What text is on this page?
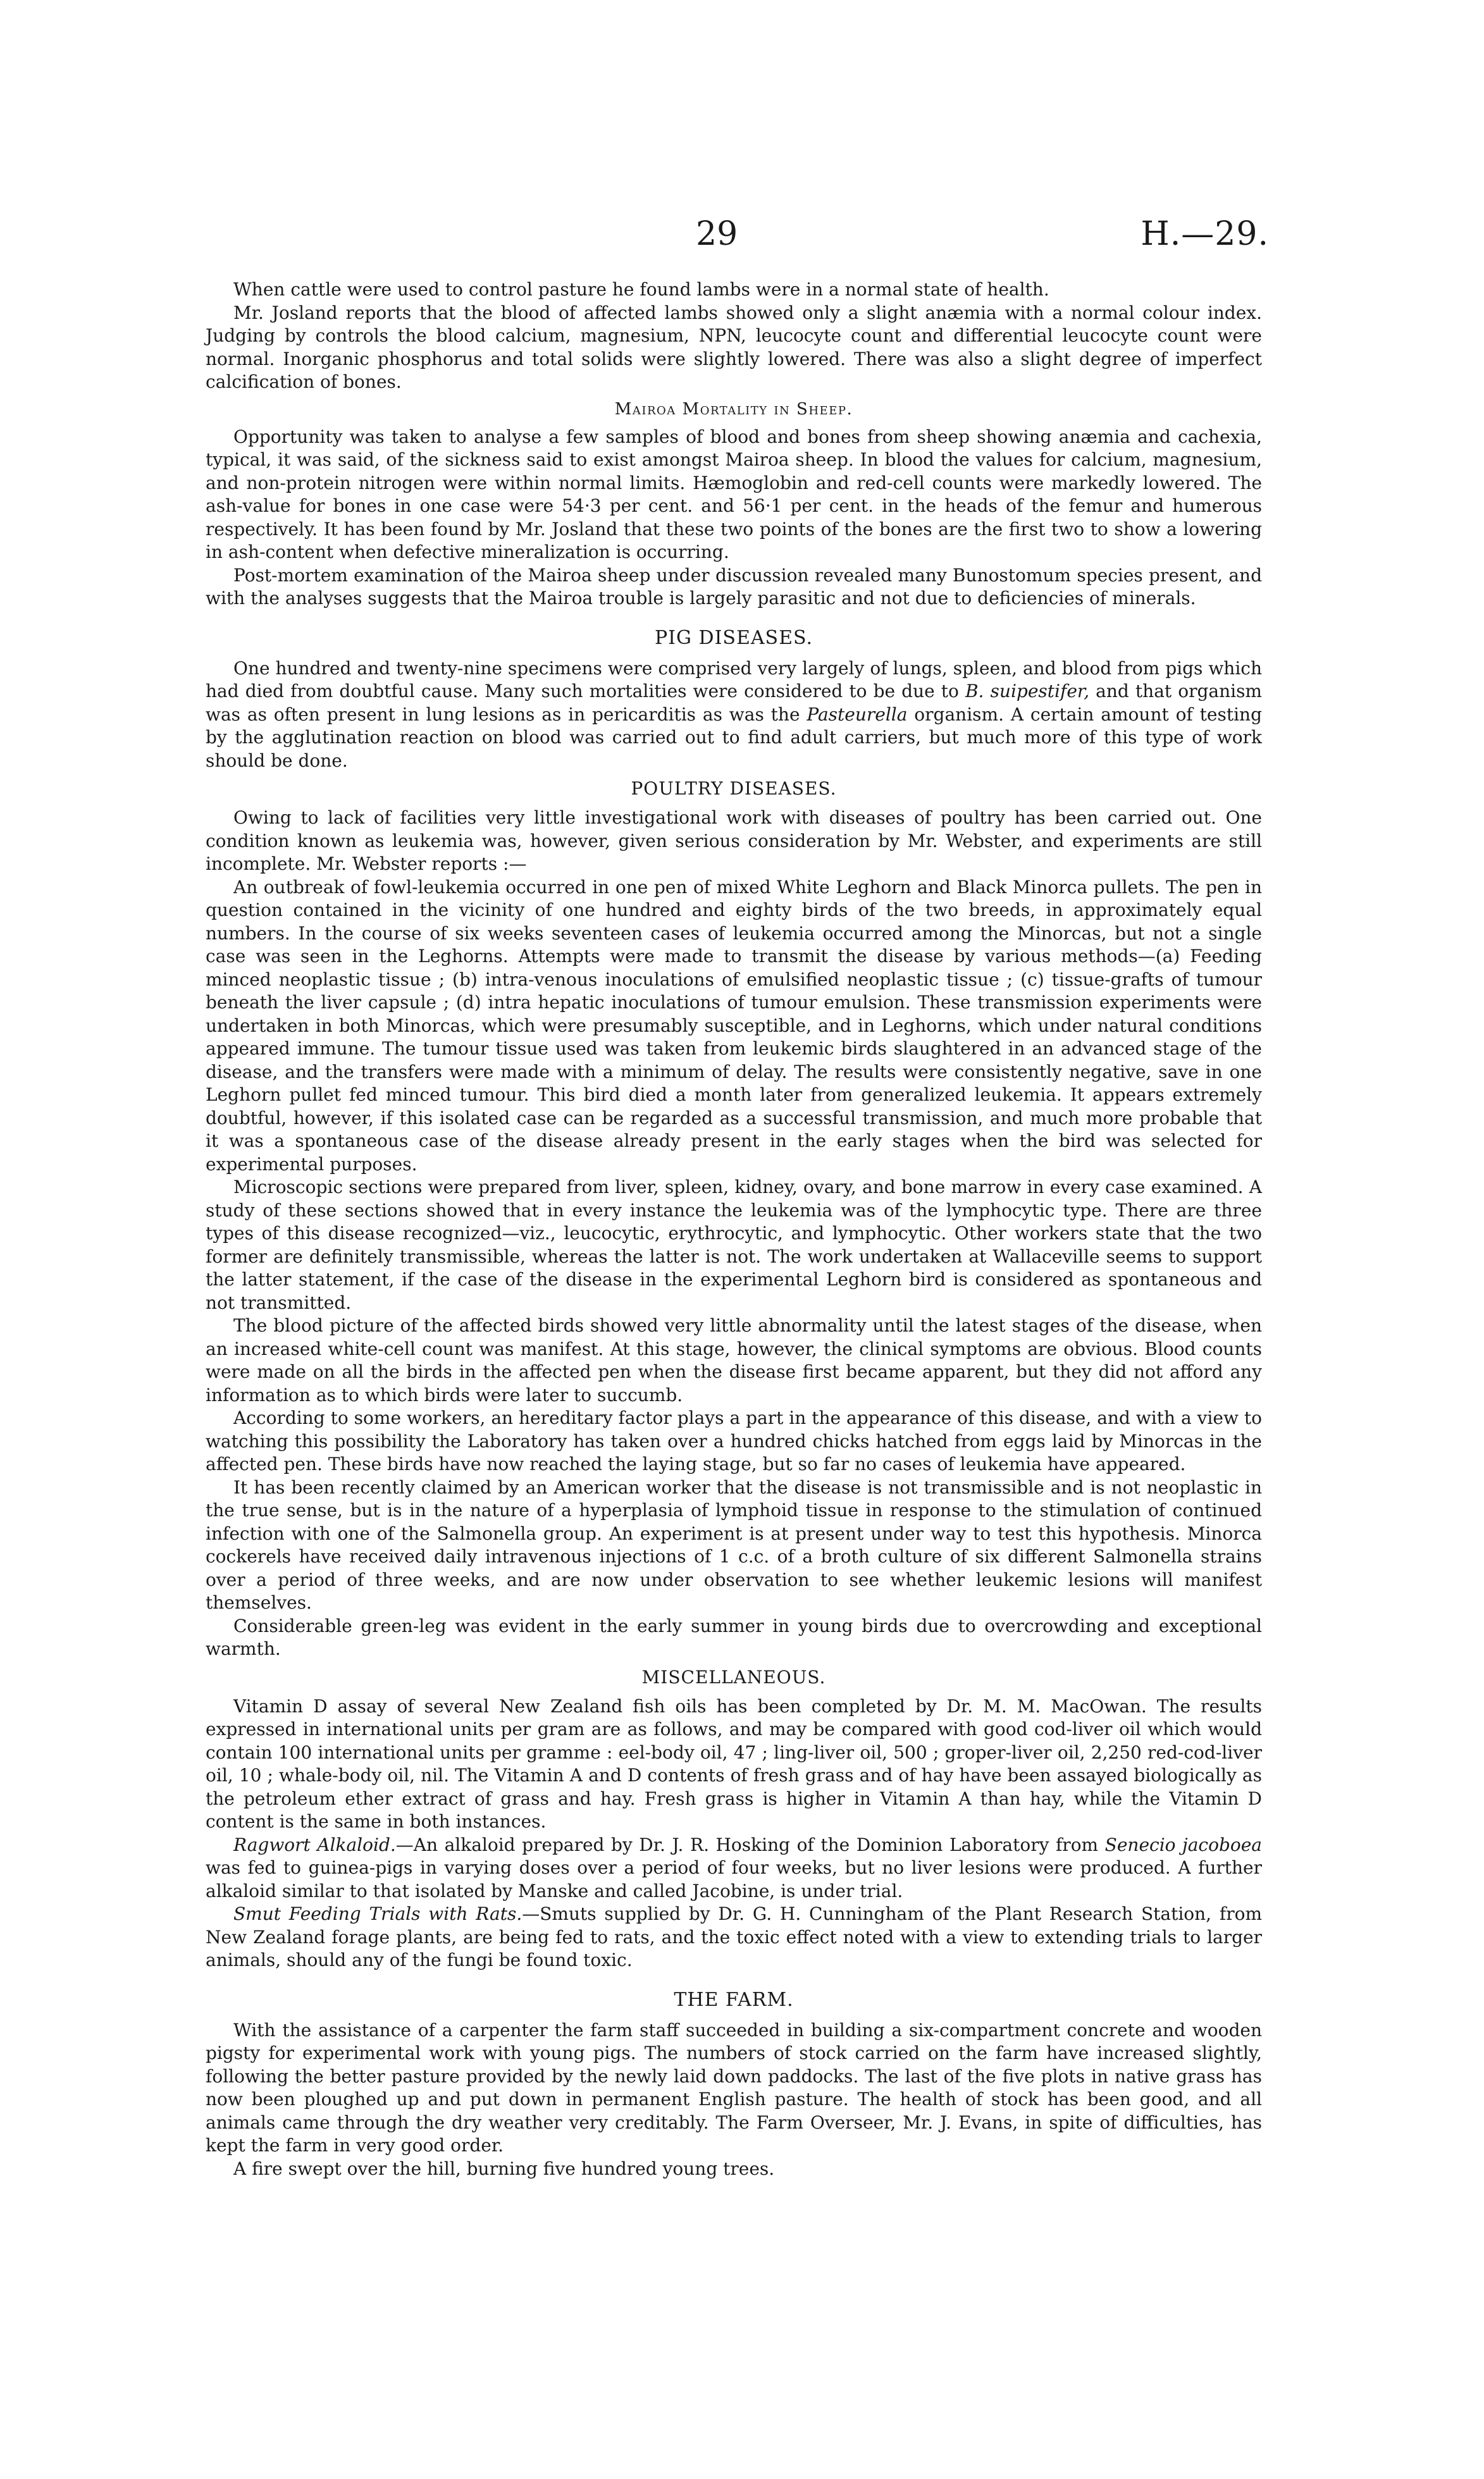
29	H.—29.

When cattle were used to control pasture he found lambs were in a normal state of health.

Mr. Josland reports that the blood of affected lambs showed only a slight anæmia with a normal colour index. Judging by controls the blood calcium, magnesium, NPN, leucocyte count and differential leucocyte count were normal. Inorganic phosphorus and total solids were slightly lowered. There was also a slight degree of imperfect calcification of bones.

Mairoa Mortality in Sheep.

Opportunity was taken to analyse a few samples of blood and bones from sheep showing anæmia and cachexia, typical, it was said, of the sickness said to exist amongst Mairoa sheep. In blood the values for calcium, magnesium, and non-protein nitrogen were within normal limits. Hæmoglobin and red-cell counts were markedly lowered. The ash-value for bones in one case were 54·3 per cent. and 56·1 per cent. in the heads of the femur and humerous respectively. It has been found by Mr. Josland that these two points of the bones are the first two to show a lowering in ash-content when defective mineralization is occurring.

Post-mortem examination of the Mairoa sheep under discussion revealed many Bunostomum species present, and with the analyses suggests that the Mairoa trouble is largely parasitic and not due to deficiencies of minerals.

PIG DISEASES.

One hundred and twenty-nine specimens were comprised very largely of lungs, spleen, and blood from pigs which had died from doubtful cause. Many such mortalities were considered to be due to B. suipestifer, and that organism was as often present in lung lesions as in pericarditis as was the Pasteurella organism. A certain amount of testing by the agglutination reaction on blood was carried out to find adult carriers, but much more of this type of work should be done.

POULTRY DISEASES.

Owing to lack of facilities very little investigational work with diseases of poultry has been carried out. One condition known as leukemia was, however, given serious consideration by Mr. Webster, and experiments are still incomplete. Mr. Webster reports :—

An outbreak of fowl-leukemia occurred in one pen of mixed White Leghorn and Black Minorca pullets. The pen in question contained in the vicinity of one hundred and eighty birds of the two breeds, in approximately equal numbers. In the course of six weeks seventeen cases of leukemia occurred among the Minorcas, but not a single case was seen in the Leghorns. Attempts were made to transmit the disease by various methods—(a) Feeding minced neoplastic tissue ; (b) intra-venous inoculations of emulsified neoplastic tissue ; (c) tissue-grafts of tumour beneath the liver capsule ; (d) intra hepatic inoculations of tumour emulsion. These transmission experiments were undertaken in both Minorcas, which were presumably susceptible, and in Leghorns, which under natural conditions appeared immune. The tumour tissue used was taken from leukemic birds slaughtered in an advanced stage of the disease, and the transfers were made with a minimum of delay. The results were consistently negative, save in one Leghorn pullet fed minced tumour. This bird died a month later from generalized leukemia. It appears extremely doubtful, however, if this isolated case can be regarded as a successful transmission, and much more probable that it was a spontaneous case of the disease already present in the early stages when the bird was selected for experimental purposes.

Microscopic sections were prepared from liver, spleen, kidney, ovary, and bone marrow in every case examined. A study of these sections showed that in every instance the leukemia was of the lymphocytic type. There are three types of this disease recognized—viz., leucocytic, erythrocytic, and lymphocytic. Other workers state that the two former are definitely transmissible, whereas the latter is not. The work undertaken at Wallaceville seems to support the latter statement, if the case of the disease in the experimental Leghorn bird is considered as spontaneous and not transmitted.

The blood picture of the affected birds showed very little abnormality until the latest stages of the disease, when an increased white-cell count was manifest. At this stage, however, the clinical symptoms are obvious. Blood counts were made on all the birds in the affected pen when the disease first became apparent, but they did not afford any information as to which birds were later to succumb.

According to some workers, an hereditary factor plays a part in the appearance of this disease, and with a view to watching this possibility the Laboratory has taken over a hundred chicks hatched from eggs laid by Minorcas in the affected pen. These birds have now reached the laying stage, but so far no cases of leukemia have appeared.

It has been recently claimed by an American worker that the disease is not transmissible and is not neoplastic in the true sense, but is in the nature of a hyperplasia of lymphoid tissue in response to the stimulation of continued infection with one of the Salmonella group. An experiment is at present under way to test this hypothesis. Minorca cockerels have received daily intravenous injections of 1 c.c. of a broth culture of six different Salmonella strains over a period of three weeks, and are now under observation to see whether leukemic lesions will manifest themselves.

Considerable green-leg was evident in the early summer in young birds due to overcrowding and exceptional warmth.

MISCELLANEOUS.

Vitamin D assay of several New Zealand fish oils has been completed by Dr. M. M. MacOwan. The results expressed in international units per gram are as follows, and may be compared with good cod-liver oil which would contain 100 international units per gramme : eel-body oil, 47 ; ling-liver oil, 500 ; groper-liver oil, 2,250 red-cod-liver oil, 10 ; whale-body oil, nil. The Vitamin A and D contents of fresh grass and of hay have been assayed biologically as the petroleum ether extract of grass and hay. Fresh grass is higher in Vitamin A than hay, while the Vitamin D content is the same in both instances.

Ragwort Alkaloid.—An alkaloid prepared by Dr. J. R. Hosking of the Dominion Laboratory from Senecio jacoboea was fed to guinea-pigs in varying doses over a period of four weeks, but no liver lesions were produced. A further alkaloid similar to that isolated by Manske and called Jacobine, is under trial.

Smut Feeding Trials with Rats.—Smuts supplied by Dr. G. H. Cunningham of the Plant Research Station, from New Zealand forage plants, are being fed to rats, and the toxic effect noted with a view to extending trials to larger animals, should any of the fungi be found toxic.

THE FARM.

With the assistance of a carpenter the farm staff succeeded in building a six-compartment concrete and wooden pigsty for experimental work with young pigs. The numbers of stock carried on the farm have increased slightly, following the better pasture provided by the newly laid down paddocks. The last of the five plots in native grass has now been ploughed up and put down in permanent English pasture. The health of stock has been good, and all animals came through the dry weather very creditably. The Farm Overseer, Mr. J. Evans, in spite of difficulties, has kept the farm in very good order.

A fire swept over the hill, burning five hundred young trees.
